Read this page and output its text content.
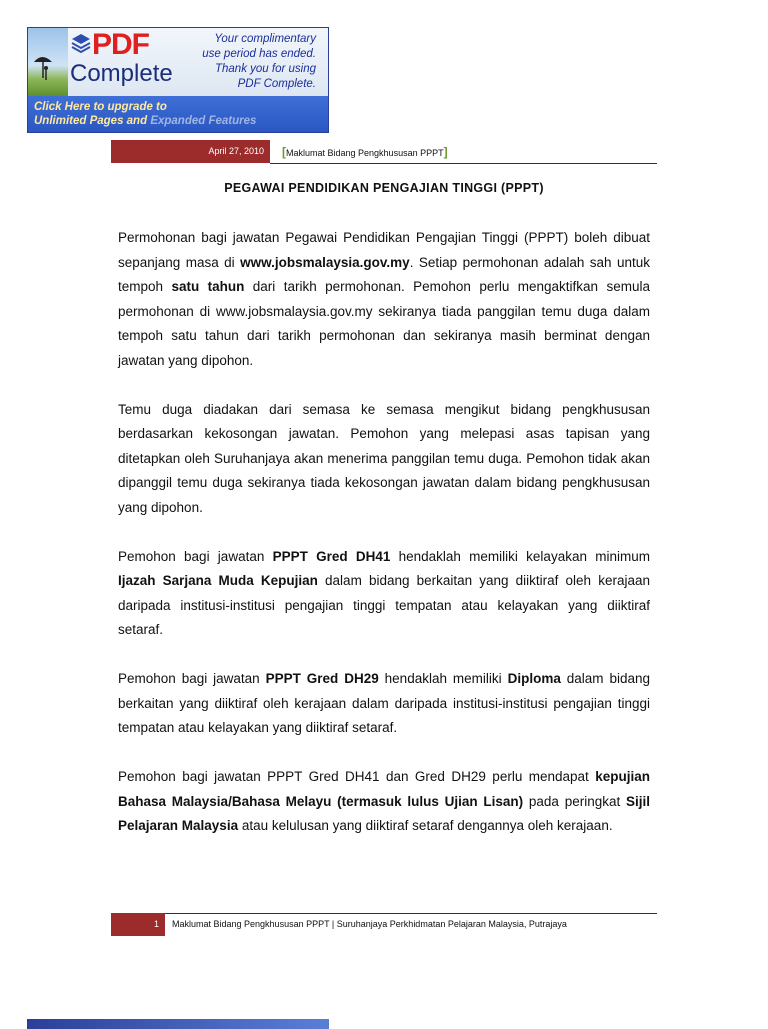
PDF
Complete
Your complimentary
use period has ended.
Thank you for using
PDF Complete.
Click Here to upgrade to
Unlimited Pages and Expanded Features
April 27, 2010	[Maklumat Bidang Pengkhususan PPPT]
PEGAWAI PENDIDIKAN PENGAJIAN TINGGI (PPPT)

Permohonan bagi jawatan Pegawai Pendidikan Pengajian Tinggi (PPPT) boleh dibuat sepanjang masa di www.jobsmalaysia.gov.my. Setiap permohonan adalah sah untuk tempoh satu tahun dari tarikh permohonan. Pemohon perlu mengaktifkan semula permohonan di www.jobsmalaysia.gov.my sekiranya tiada panggilan temu duga dalam tempoh satu tahun dari tarikh permohonan dan sekiranya masih berminat dengan jawatan yang dipohon.

Temu duga diadakan dari semasa ke semasa mengikut bidang pengkhususan berdasarkan kekosongan jawatan. Pemohon yang melepasi asas tapisan yang ditetapkan oleh Suruhanjaya akan menerima panggilan temu duga. Pemohon tidak akan dipanggil temu duga sekiranya tiada kekosongan jawatan dalam bidang pengkhususan yang dipohon.

Pemohon bagi jawatan PPPT Gred DH41 hendaklah memiliki kelayakan minimum Ijazah Sarjana Muda Kepujian dalam bidang berkaitan yang diiktiraf oleh kerajaan daripada institusi-institusi pengajian tinggi tempatan atau kelayakan yang diiktiraf setaraf.

Pemohon bagi jawatan PPPT Gred DH29 hendaklah memiliki Diploma dalam bidang berkaitan yang diiktiraf oleh kerajaan dalam daripada institusi-institusi pengajian tinggi tempatan atau kelayakan yang diiktiraf setaraf.

Pemohon bagi jawatan PPPT Gred DH41 dan Gred DH29 perlu mendapat kepujian Bahasa Malaysia/Bahasa Melayu (termasuk lulus Ujian Lisan) pada peringkat Sijil Pelajaran Malaysia atau kelulusan yang diiktiraf setaraf dengannya oleh kerajaan.

1	Maklumat Bidang Pengkhususan PPPT | Suruhanjaya Perkhidmatan Pelajaran Malaysia, Putrajaya
